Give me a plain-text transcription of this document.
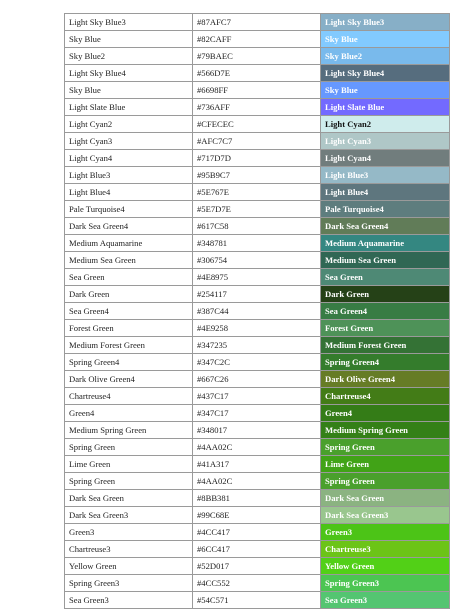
Light Sky Blue3	#87AFC7	Light Sky Blue3
Sky Blue	#82CAFF	Sky Blue
Sky Blue2	#79BAEC	Sky Blue2
Light Sky Blue4	#566D7E	Light Sky Blue4
Sky Blue	#6698FF	Sky Blue
Light Slate Blue	#736AFF	Light Slate Blue
Light Cyan2	#CFECEC	Light Cyan2
Light Cyan3	#AFC7C7	Light Cyan3
Light Cyan4	#717D7D	Light Cyan4
Light Blue3	#95B9C7	Light Blue3
Light Blue4	#5E767E	Light Blue4
Pale Turquoise4	#5E7D7E	Pale Turquoise4
Dark Sea Green4	#617C58	Dark Sea Green4
Medium Aquamarine	#348781	Medium Aquamarine
Medium Sea Green	#306754	Medium Sea Green
Sea Green	#4E8975	Sea Green
Dark Green	#254117	Dark Green
Sea Green4	#387C44	Sea Green4
Forest Green	#4E9258	Forest Green
Medium Forest Green	#347235	Medium Forest Green
Spring Green4	#347C2C	Spring Green4
Dark Olive Green4	#667C26	Dark Olive Green4
Chartreuse4	#437C17	Chartreuse4
Green4	#347C17	Green4
Medium Spring Green	#348017	Medium Spring Green
Spring Green	#4AA02C	Spring Green
Lime Green	#41A317	Lime Green
Spring Green	#4AA02C	Spring Green
Dark Sea Green	#8BB381	Dark Sea Green
Dark Sea Green3	#99C68E	Dark Sea Green3
Green3	#4CC417	Green3
Chartreuse3	#6CC417	Chartreuse3
Yellow Green	#52D017	Yellow Green
Spring Green3	#4CC552	Spring Green3
Sea Green3	#54C571	Sea Green3
